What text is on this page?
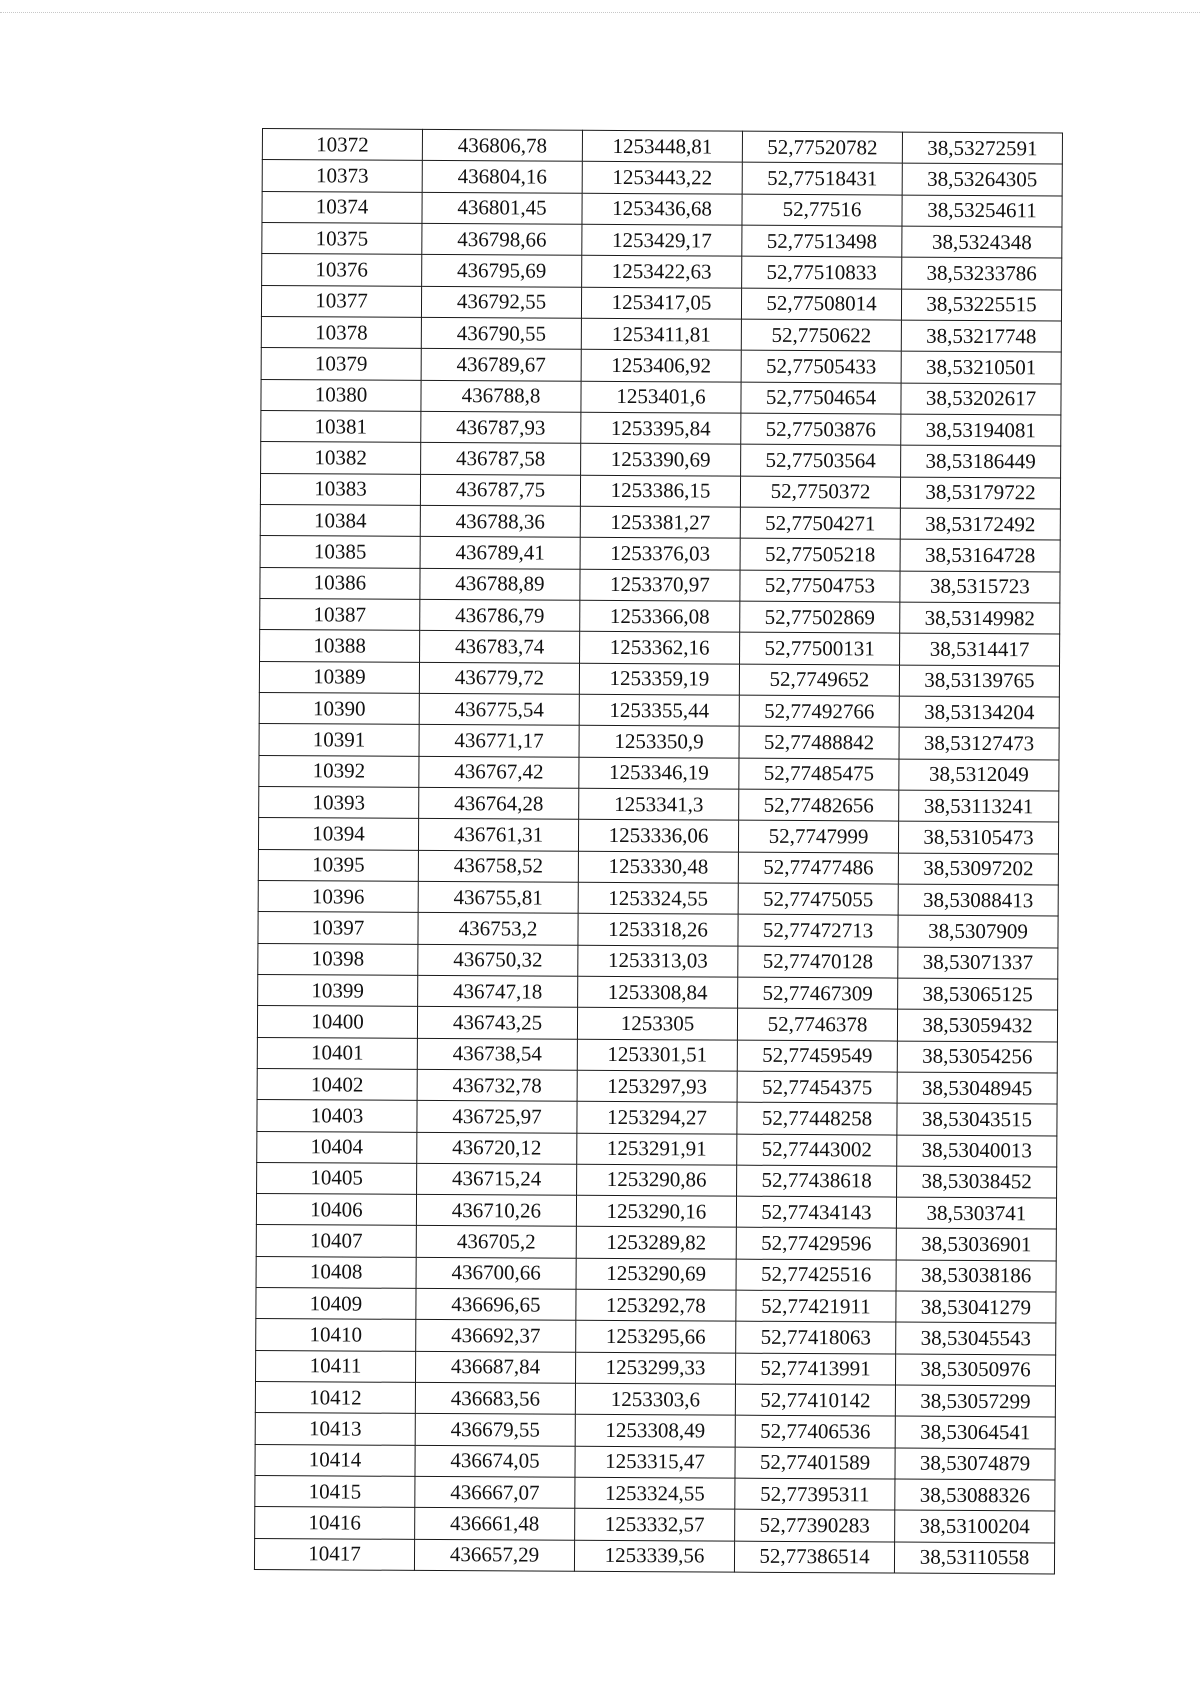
10372	436806,78	1253448,81	52,77520782	38,53272591
10373	436804,16	1253443,22	52,77518431	38,53264305
10374	436801,45	1253436,68	52,77516	38,53254611
10375	436798,66	1253429,17	52,77513498	38,5324348
10376	436795,69	1253422,63	52,77510833	38,53233786
10377	436792,55	1253417,05	52,77508014	38,53225515
10378	436790,55	1253411,81	52,7750622	38,53217748
10379	436789,67	1253406,92	52,77505433	38,53210501
10380	436788,8	1253401,6	52,77504654	38,53202617
10381	436787,93	1253395,84	52,77503876	38,53194081
10382	436787,58	1253390,69	52,77503564	38,53186449
10383	436787,75	1253386,15	52,7750372	38,53179722
10384	436788,36	1253381,27	52,77504271	38,53172492
10385	436789,41	1253376,03	52,77505218	38,53164728
10386	436788,89	1253370,97	52,77504753	38,5315723
10387	436786,79	1253366,08	52,77502869	38,53149982
10388	436783,74	1253362,16	52,77500131	38,5314417
10389	436779,72	1253359,19	52,7749652	38,53139765
10390	436775,54	1253355,44	52,77492766	38,53134204
10391	436771,17	1253350,9	52,77488842	38,53127473
10392	436767,42	1253346,19	52,77485475	38,5312049
10393	436764,28	1253341,3	52,77482656	38,53113241
10394	436761,31	1253336,06	52,7747999	38,53105473
10395	436758,52	1253330,48	52,77477486	38,53097202
10396	436755,81	1253324,55	52,77475055	38,53088413
10397	436753,2	1253318,26	52,77472713	38,5307909
10398	436750,32	1253313,03	52,77470128	38,53071337
10399	436747,18	1253308,84	52,77467309	38,53065125
10400	436743,25	1253305	52,7746378	38,53059432
10401	436738,54	1253301,51	52,77459549	38,53054256
10402	436732,78	1253297,93	52,77454375	38,53048945
10403	436725,97	1253294,27	52,77448258	38,53043515
10404	436720,12	1253291,91	52,77443002	38,53040013
10405	436715,24	1253290,86	52,77438618	38,53038452
10406	436710,26	1253290,16	52,77434143	38,5303741
10407	436705,2	1253289,82	52,77429596	38,53036901
10408	436700,66	1253290,69	52,77425516	38,53038186
10409	436696,65	1253292,78	52,77421911	38,53041279
10410	436692,37	1253295,66	52,77418063	38,53045543
10411	436687,84	1253299,33	52,77413991	38,53050976
10412	436683,56	1253303,6	52,77410142	38,53057299
10413	436679,55	1253308,49	52,77406536	38,53064541
10414	436674,05	1253315,47	52,77401589	38,53074879
10415	436667,07	1253324,55	52,77395311	38,53088326
10416	436661,48	1253332,57	52,77390283	38,53100204
10417	436657,29	1253339,56	52,77386514	38,53110558
